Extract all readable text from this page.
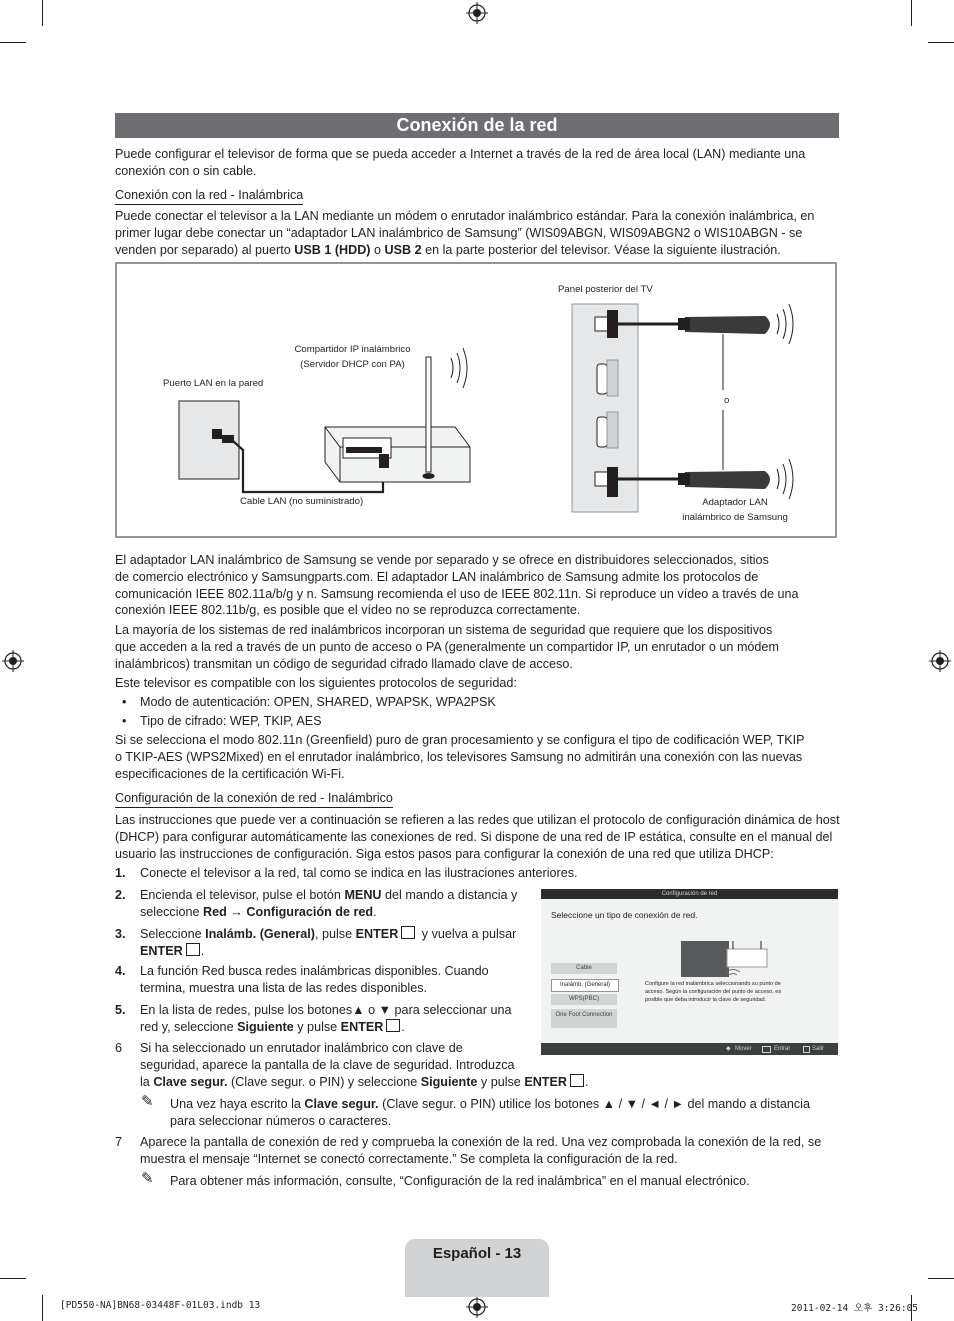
Conexión de la red
Puede configurar el televisor de forma que se pueda acceder a Internet a través de la red de área local (LAN) mediante una conexión con o sin cable.
Conexión con la red - Inalámbrica
Puede conectar el televisor a la LAN mediante un módem o enrutador inalámbrico estándar. Para la conexión inalámbrica, en
primer lugar debe conectar un “adaptador LAN inalámbrico de Samsung” (WIS09ABGN, WIS09ABGN2 o WIS10ABGN - se
venden por separado) al puerto USB 1 (HDD) o USB 2 en la parte posterior del televisor. Véase la siguiente ilustración.
Panel posterior del TV
Compartidor IP inalámbrico
(Servidor DHCP con PA)
Puerto LAN en la pared
Cable LAN (no suministrado)
o
Adaptador LAN
inalámbrico de Samsung
El adaptador LAN inalámbrico de Samsung se vende por separado y se ofrece en distribuidores seleccionados, sitios
de comercio electrónico y Samsungparts.com. El adaptador LAN inalámbrico de Samsung admite los protocolos de
comunicación IEEE 802.11a/b/g y n. Samsung recomienda el uso de IEEE 802.11n. Si reproduce un vídeo a través de una
conexión IEEE 802.11b/g, es posible que el vídeo no se reproduzca correctamente.
La mayoría de los sistemas de red inalámbricos incorporan un sistema de seguridad que requiere que los dispositivos
que acceden a la red a través de un punto de acceso o PA (generalmente un compartidor IP, un enrutador o un módem
inalámbricos) transmitan un código de seguridad cifrado llamado clave de acceso.
Este televisor es compatible con los siguientes protocolos de seguridad:
• Modo de autenticación: OPEN, SHARED, WPAPSK, WPA2PSK
• Tipo de cifrado: WEP, TKIP, AES
Si se selecciona el modo 802.11n (Greenfield) puro de gran procesamiento y se configura el tipo de codificación WEP, TKIP
o TKIP-AES (WPS2Mixed) en el enrutador inalámbrico, los televisores Samsung no admitirán una conexión con las nuevas
especificaciones de la certificación Wi-Fi.
Configuración de la conexión de red - Inalámbrico
Las instrucciones que puede ver a continuación se refieren a las redes que utilizan el protocolo de configuración dinámica de host
(DHCP) para configurar automáticamente las conexiones de red. Si dispone de una red de IP estática, consulte en el manual del
usuario las instrucciones de configuración. Siga estos pasos para configurar la conexión de una red que utiliza DHCP:
1. Conecte el televisor a la red, tal como se indica en las ilustraciones anteriores.
2. Encienda el televisor, pulse el botón MENU del mando a distancia y
seleccione Red → Configuración de red.
3. Seleccione Inalámb. (General), pulse ENTER y vuelva a pulsar
ENTER .
4. La función Red busca redes inalámbricas disponibles. Cuando
termina, muestra una lista de las redes disponibles.
5. En la lista de redes, pulse los botones▲ o ▼ para seleccionar una
red y, seleccione Siguiente y pulse ENTER .
6 Si ha seleccionado un enrutador inalámbrico con clave de
seguridad, aparece la pantalla de la clave de seguridad. Introduzca
la Clave segur. (Clave segur. o PIN) y seleccione Siguiente y pulse ENTER .
✎ Una vez haya escrito la Clave segur. (Clave segur. o PIN) utilice los botones ▲ / ▼ / ◄ / ► del mando a distancia
para seleccionar números o caracteres.
7 Aparece la pantalla de conexión de red y comprueba la conexión de la red. Una vez comprobada la conexión de la red, se
muestra el mensaje “Internet se conectó correctamente.” Se completa la configuración de la red.
✎ Para obtener más información, consulte, “Configuración de la red inalámbrica” en el manual electrónico.
Configuración de red
Seleccione un tipo de conexión de red.
Cable
Inalámb. (General)
WPS(PBC)
One Foot Connection
Configure la red inalámbrica seleccionando su punto de
acceso. Según la configuración del punto de acceso, es
posible que deba introducir la clave de seguridad.
◆ Mover	Entrar	Salir
Español - 13
[PD550-NA]BN68-03448F-01L03.indb 13	2011-02-14 오후 3:26:05
